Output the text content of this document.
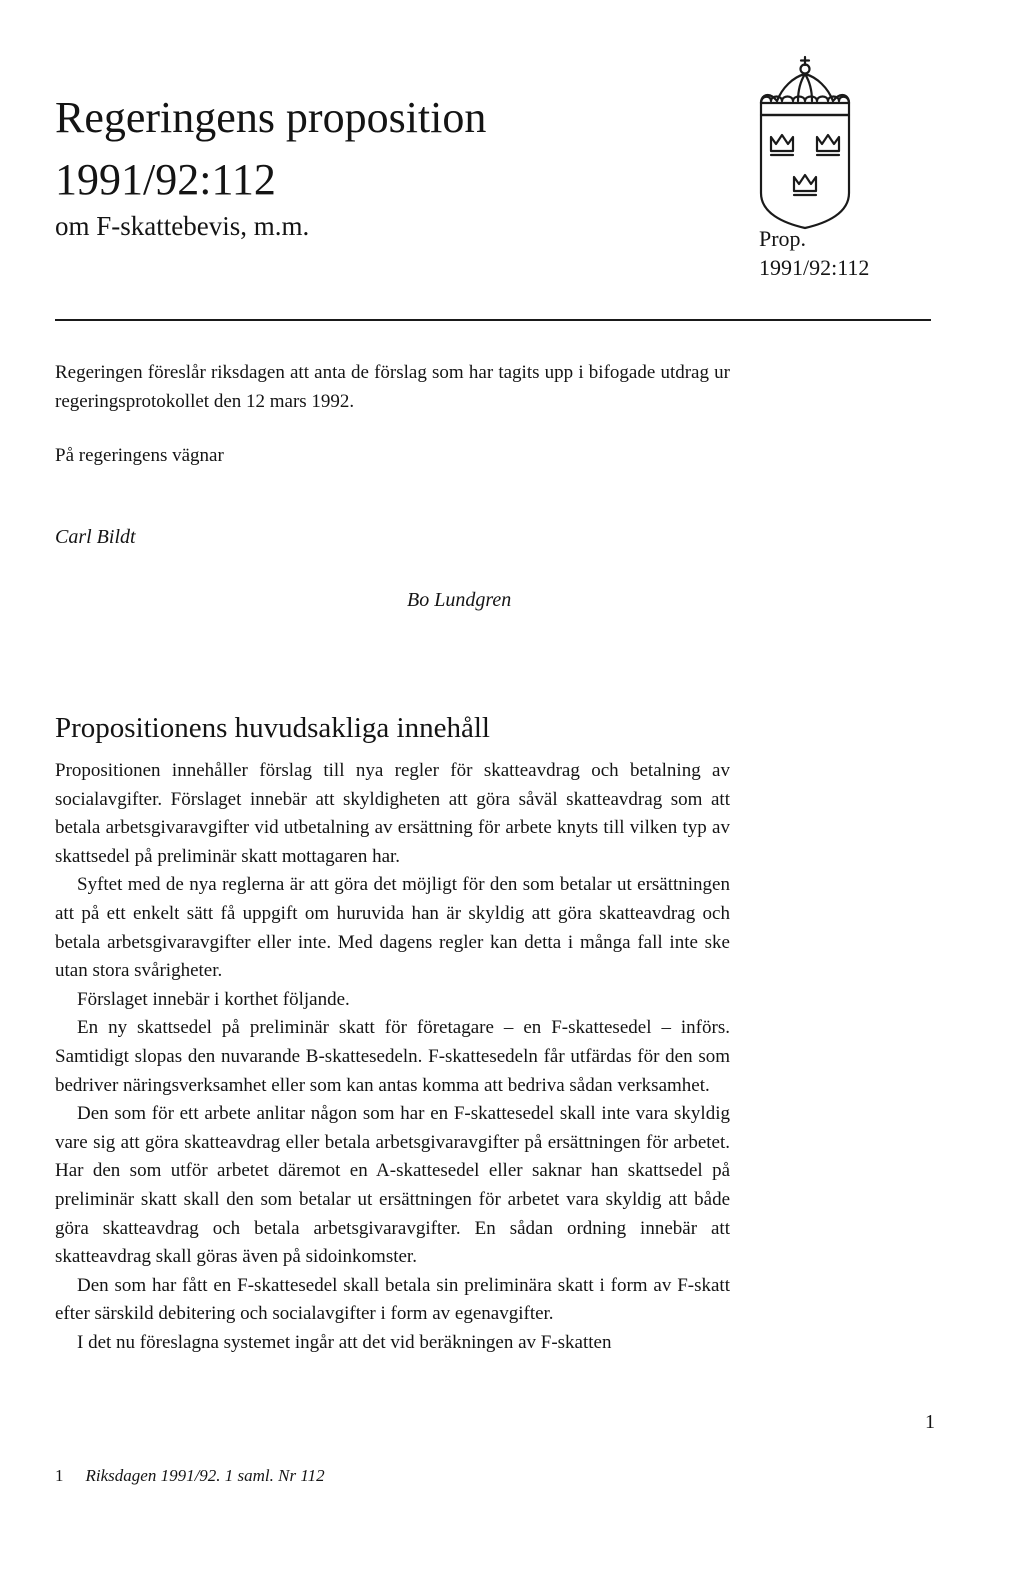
Regeringens proposition
1991/92:112
om F-skattebevis, m.m.	Prop.
1991/92:112
Regeringen föreslår riksdagen att anta de förslag som har tagits upp i bifogade utdrag ur regeringsprotokollet den 12 mars 1992.
På regeringens vägnar
Carl Bildt
Bo Lundgren
Propositionens huvudsakliga innehåll

Propositionen innehåller förslag till nya regler för skatteavdrag och betalning av socialavgifter. Förslaget innebär att skyldigheten att göra såväl skatteavdrag som att betala arbetsgivaravgifter vid utbetalning av ersättning för arbete knyts till vilken typ av skattsedel på preliminär skatt mottagaren har.

Syftet med de nya reglerna är att göra det möjligt för den som betalar ut ersättningen att på ett enkelt sätt få uppgift om huruvida han är skyldig att göra skatteavdrag och betala arbetsgivaravgifter eller inte. Med dagens regler kan detta i många fall inte ske utan stora svårigheter.

Förslaget innebär i korthet följande.

En ny skattsedel på preliminär skatt för företagare – en F-skattesedel – införs. Samtidigt slopas den nuvarande B-skattesedeln. F-skattesedeln får utfärdas för den som bedriver näringsverksamhet eller som kan antas komma att bedriva sådan verksamhet.

Den som för ett arbete anlitar någon som har en F-skattesedel skall inte vara skyldig vare sig att göra skatteavdrag eller betala arbetsgivaravgifter på ersättningen för arbetet. Har den som utför arbetet däremot en A-skattesedel eller saknar han skattsedel på preliminär skatt skall den som betalar ut ersättningen för arbetet vara skyldig att både göra skatteavdrag och betala arbetsgivaravgifter. En sådan ordning innebär att skatteavdrag skall göras även på sidoinkomster.

Den som har fått en F-skattesedel skall betala sin preliminära skatt i form av F-skatt efter särskild debitering och socialavgifter i form av egenavgifter.

I det nu föreslagna systemet ingår att det vid beräkningen av F-skatten

1
1 Riksdagen 1991/92. 1 saml. Nr 112
